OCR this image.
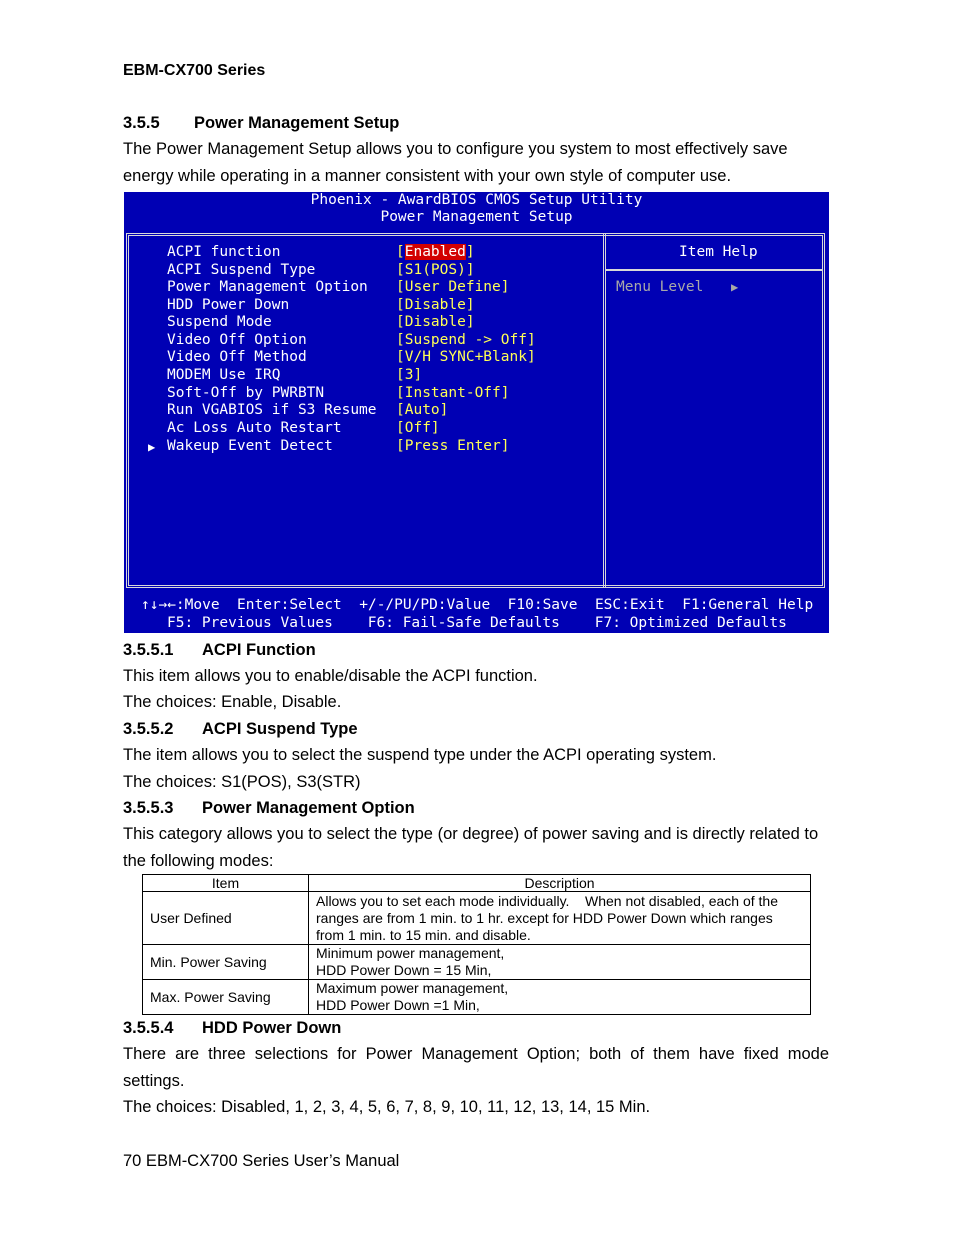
EBM-CX700 Series
3.5.5 Power Management Setup
The Power Management Setup allows you to configure you system to most effectively save energy while operating in a manner consistent with your own style of computer use.
Phoenix - AwardBIOS CMOS Setup Utility
Power Management Setup
ACPI function	[Enabled]
ACPI Suspend Type	[S1(POS)]
Power Management Option [User Define]
HDD Power Down	[Disable]
Suspend Mode	[Disable]
Video Off Option	[Suspend -> Off]
Video Off Method	[V/H SYNC+Blank]
MODEM Use IRQ	[3]
Soft-Off by PWRBTN	[Instant-Off]
Run VGABIOS if S3 Resume [Auto]
Ac Loss Auto Restart	[Off]
▶ Wakeup Event Detect	[Press Enter]
Item Help
Menu Level ▶
↑↓→←:Move  Enter:Select  +/-/PU/PD:Value  F10:Save  ESC:Exit  F1:General Help
F5: Previous Values    F6: Fail-Safe Defaults    F7: Optimized Defaults
3.5.5.1 ACPI Function
This item allows you to enable/disable the ACPI function.
The choices: Enable, Disable.
3.5.5.2 ACPI Suspend Type
The item allows you to select the suspend type under the ACPI operating system.
The choices: S1(POS), S3(STR)
3.5.5.3 Power Management Option
This category allows you to select the type (or degree) of power saving and is directly related to the following modes:
Item	Description
User Defined	Allows you to set each mode individually.    When not disabled, each of the
ranges are from 1 min. to 1 hr. except for HDD Power Down which ranges
from 1 min. to 15 min. and disable.

Min. Power Saving	Minimum power management,
HDD Power Down = 15 Min,

Max. Power Saving	Maximum power management,
HDD Power Down =1 Min,
3.5.5.4 HDD Power Down
There are three selections for Power Management Option; both of them have fixed mode settings.
The choices: Disabled, 1, 2, 3, 4, 5, 6, 7, 8, 9, 10, 11, 12, 13, 14, 15 Min.
70 EBM-CX700 Series User’s Manual
